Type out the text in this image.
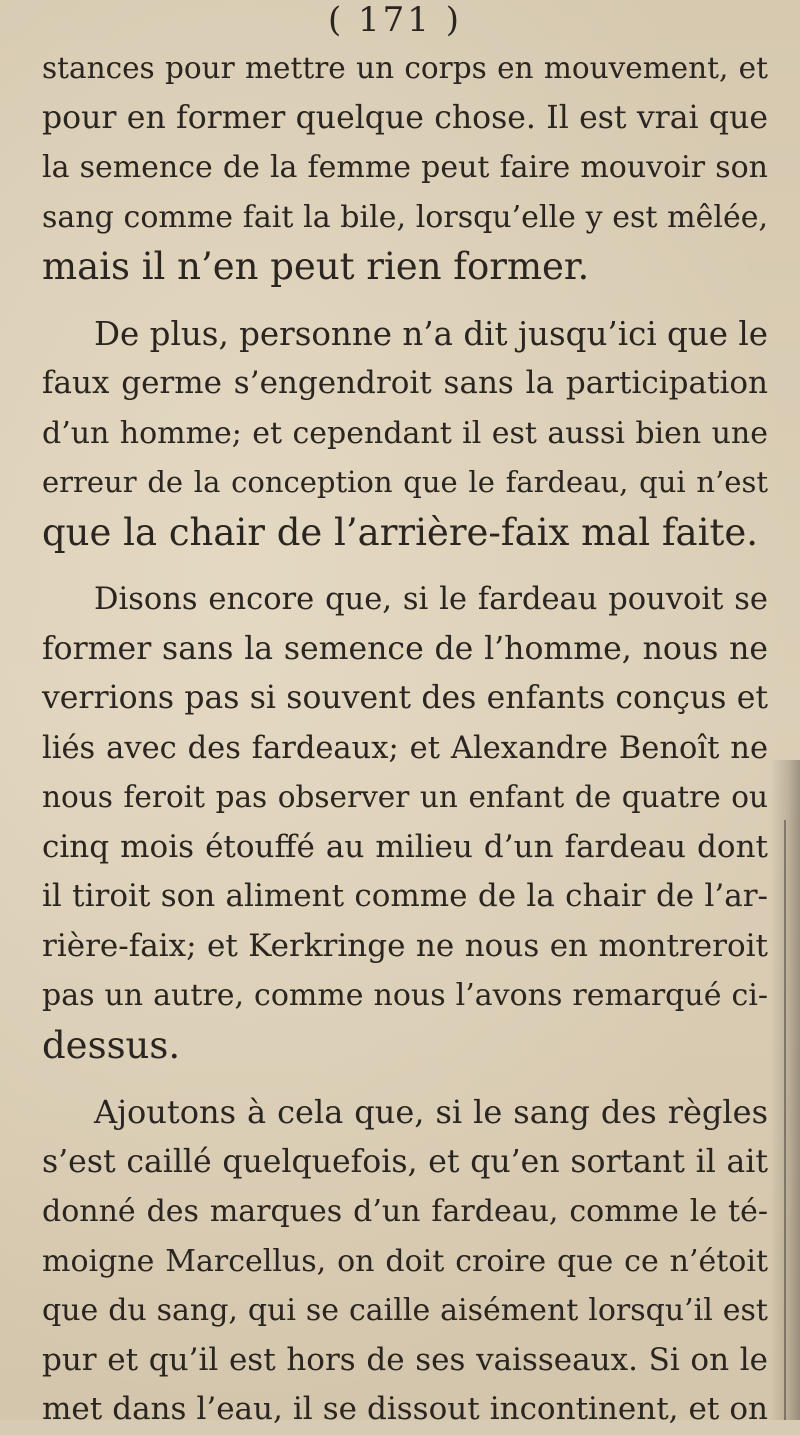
( 171 )
stances pour mettre un corps en mouvement, et
pour en former quelque chose. Il est vrai que
la semence de la femme peut faire mouvoir son
sang comme fait la bile, lorsqu’elle y est mêlée,
mais il n’en peut rien former.
De plus, personne n’a dit jusqu’ici que le
faux germe s’engendroit sans la participation
d’un homme; et cependant il est aussi bien une
erreur de la conception que le fardeau, qui n’est
que la chair de l’arrière-faix mal faite.
Disons encore que, si le fardeau pouvoit se
former sans la semence de l’homme, nous ne
verrions pas si souvent des enfants conçus et
liés avec des fardeaux; et Alexandre Benoît ne
nous feroit pas observer un enfant de quatre ou
cinq mois étouffé au milieu d’un fardeau dont
il tiroit son aliment comme de la chair de l’ar-
rière-faix; et Kerkringe ne nous en montreroit
pas un autre, comme nous l’avons remarqué ci-
dessus.
Ajoutons à cela que, si le sang des règles
s’est caillé quelquefois, et qu’en sortant il ait
donné des marques d’un fardeau, comme le té-
moigne Marcellus, on doit croire que ce n’étoit
que du sang, qui se caille aisément lorsqu’il est
pur et qu’il est hors de ses vaisseaux. Si on le
met dans l’eau, il se dissout incontinent, et on
